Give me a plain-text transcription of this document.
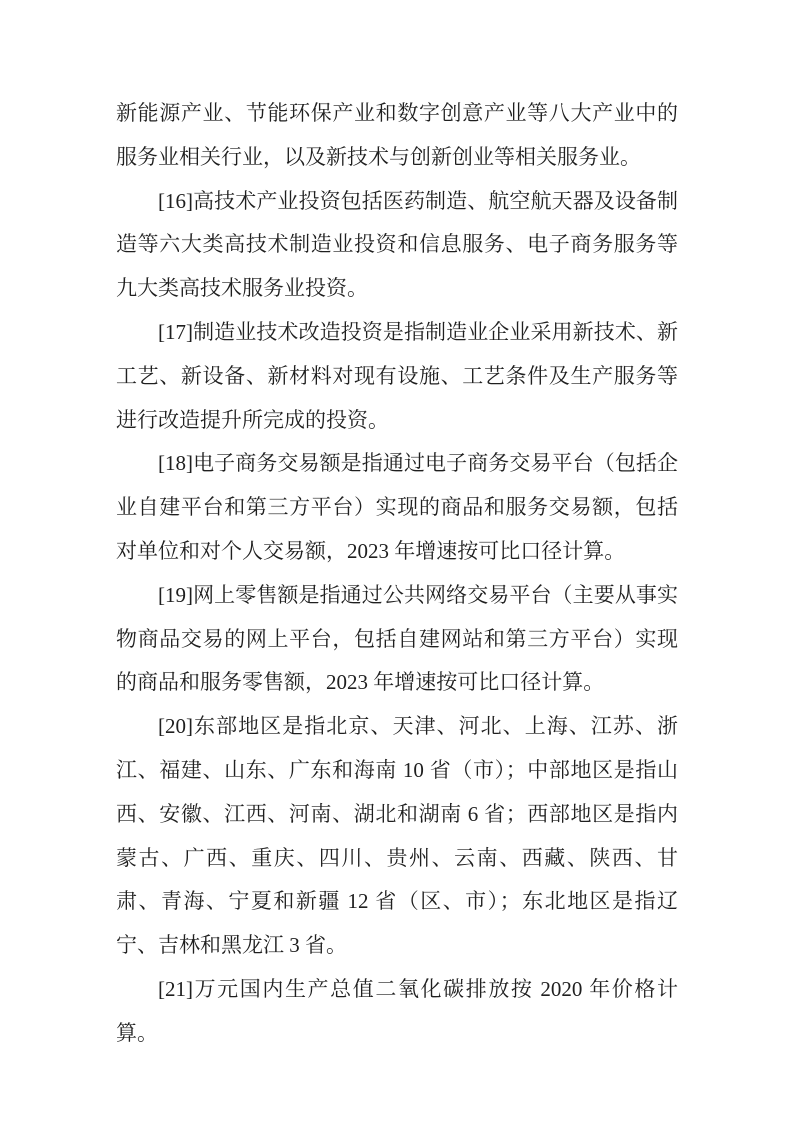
新能源产业、节能环保产业和数字创意产业等八大产业中的服务业相关行业，以及新技术与创新创业等相关服务业。

[16]高技术产业投资包括医药制造、航空航天器及设备制造等六大类高技术制造业投资和信息服务、电子商务服务等九大类高技术服务业投资。

[17]制造业技术改造投资是指制造业企业采用新技术、新工艺、新设备、新材料对现有设施、工艺条件及生产服务等进行改造提升所完成的投资。

[18]电子商务交易额是指通过电子商务交易平台（包括企业自建平台和第三方平台）实现的商品和服务交易额，包括对单位和对个人交易额，2023 年增速按可比口径计算。

[19]网上零售额是指通过公共网络交易平台（主要从事实物商品交易的网上平台，包括自建网站和第三方平台）实现的商品和服务零售额，2023 年增速按可比口径计算。

[20]东部地区是指北京、天津、河北、上海、江苏、浙江、福建、山东、广东和海南 10 省（市）；中部地区是指山西、安徽、江西、河南、湖北和湖南 6 省；西部地区是指内蒙古、广西、重庆、四川、贵州、云南、西藏、陕西、甘肃、青海、宁夏和新疆 12 省（区、市）；东北地区是指辽宁、吉林和黑龙江 3 省。

[21]万元国内生产总值二氧化碳排放按 2020 年价格计算。
